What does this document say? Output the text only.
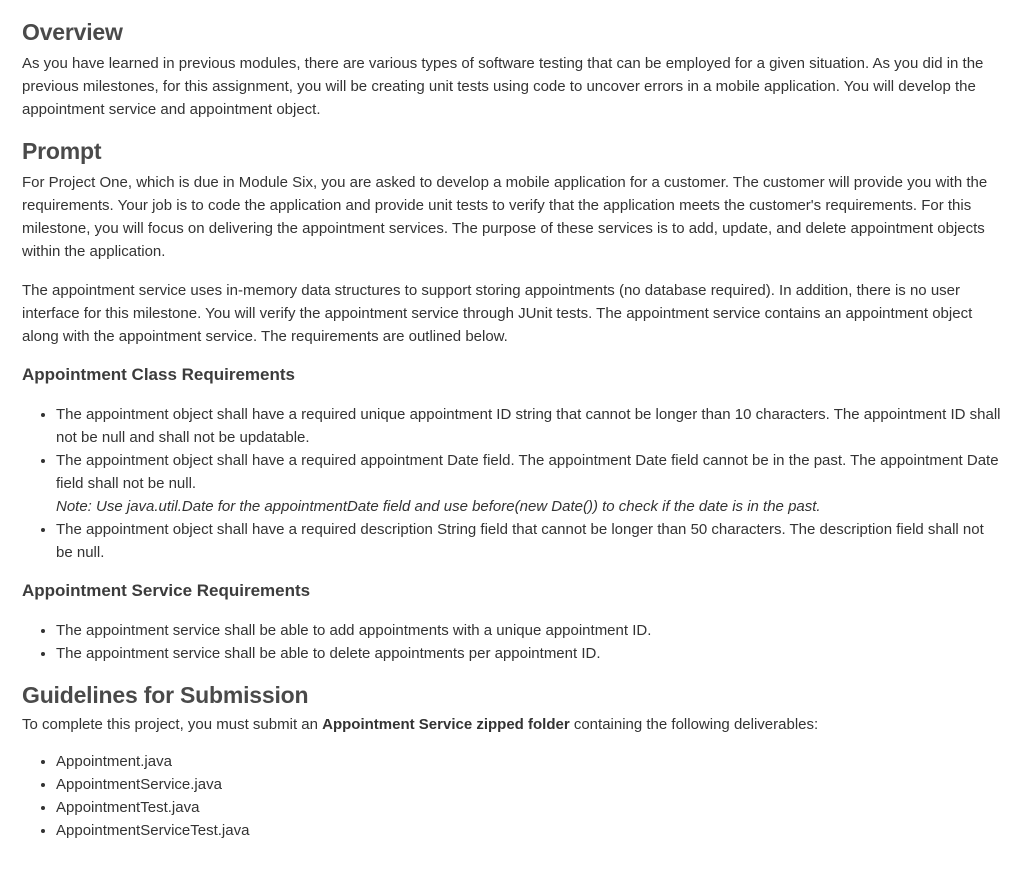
Overview

As you have learned in previous modules, there are various types of software testing that can be employed for a given situation. As you did in the previous milestones, for this assignment, you will be creating unit tests using code to uncover errors in a mobile application. You will develop the appointment service and appointment object.

Prompt

For Project One, which is due in Module Six, you are asked to develop a mobile application for a customer. The customer will provide you with the requirements. Your job is to code the application and provide unit tests to verify that the application meets the customer's requirements. For this milestone, you will focus on delivering the appointment services. The purpose of these services is to add, update, and delete appointment objects within the application.

The appointment service uses in-memory data structures to support storing appointments (no database required). In addition, there is no user interface for this milestone. You will verify the appointment service through JUnit tests. The appointment service contains an appointment object along with the appointment service. The requirements are outlined below.

Appointment Class Requirements
• The appointment object shall have a required unique appointment ID string that cannot be longer than 10 characters. The appointment ID shall not be null and shall not be updatable.
• The appointment object shall have a required appointment Date field. The appointment Date field cannot be in the past. The appointment Date field shall not be null.
Note: Use java.util.Date for the appointmentDate field and use before(new Date()) to check if the date is in the past.
• The appointment object shall have a required description String field that cannot be longer than 50 characters. The description field shall not be null.
Appointment Service Requirements
• The appointment service shall be able to add appointments with a unique appointment ID.
• The appointment service shall be able to delete appointments per appointment ID.
Guidelines for Submission

To complete this project, you must submit an Appointment Service zipped folder containing the following deliverables:

• Appointment.java
• AppointmentService.java
• AppointmentTest.java
• AppointmentServiceTest.java
